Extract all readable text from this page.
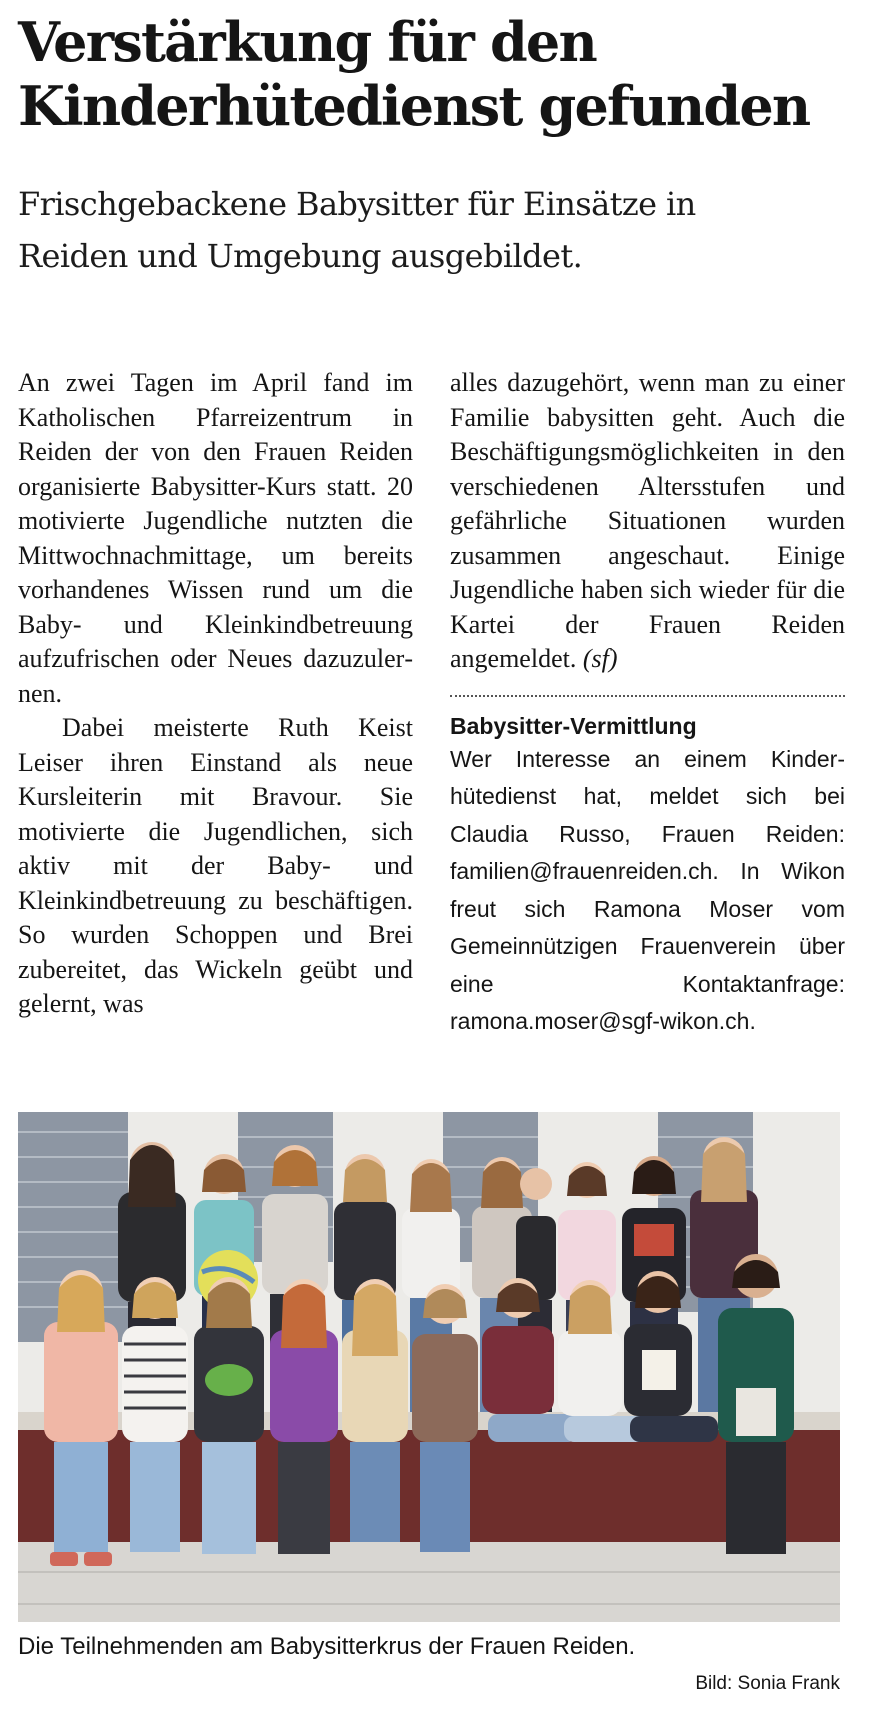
Verstärkung für den
Kinderhütedienst gefunden
Frischgebackene Babysitter für Einsätze in
Reiden und Umgebung ausgebildet.

An zwei Tagen im April fand im Katholischen Pfarreizentrum in Reiden der von den Frauen Reiden organisierte Babysitter-Kurs statt. 20 motivierte Jugendliche nutzten die Mittwochnachmittage, um bereits vorhandenes Wissen rund um die Baby- und Kleinkindbetreuung aufzufrischen oder Neues dazuzulernen.

Dabei meisterte Ruth Keist Leiser ihren Einstand als neue Kursleiterin mit Bravour. Sie motivierte die Jugendlichen, sich aktiv mit der Baby- und Kleinkindbetreuung zu beschäftigen. So wurden Schoppen und Brei zubereitet, das Wickeln geübt und gelernt, was

alles dazugehört, wenn man zu einer Familie babysitten geht. Auch die Beschäftigungsmöglichkeiten in den verschiedenen Altersstufen und gefährliche Situationen wurden zusammen angeschaut. Einige Jugendliche haben sich wieder für die Kartei der Frauen Reiden angemeldet. (sf)

Babysitter-Vermittlung
Wer Interesse an einem Kinderhütedienst hat, meldet sich bei Claudia Russo, Frauen Reiden: familien@frauenreiden.ch. In Wikon freut sich Ramona Moser vom Gemeinnützigen Frauenverein über eine Kontaktanfrage: ramona.moser@sgf-wikon.ch.
Die Teilnehmenden am Babysitterkrus der Frauen Reiden.
Bild: Sonia Frank
